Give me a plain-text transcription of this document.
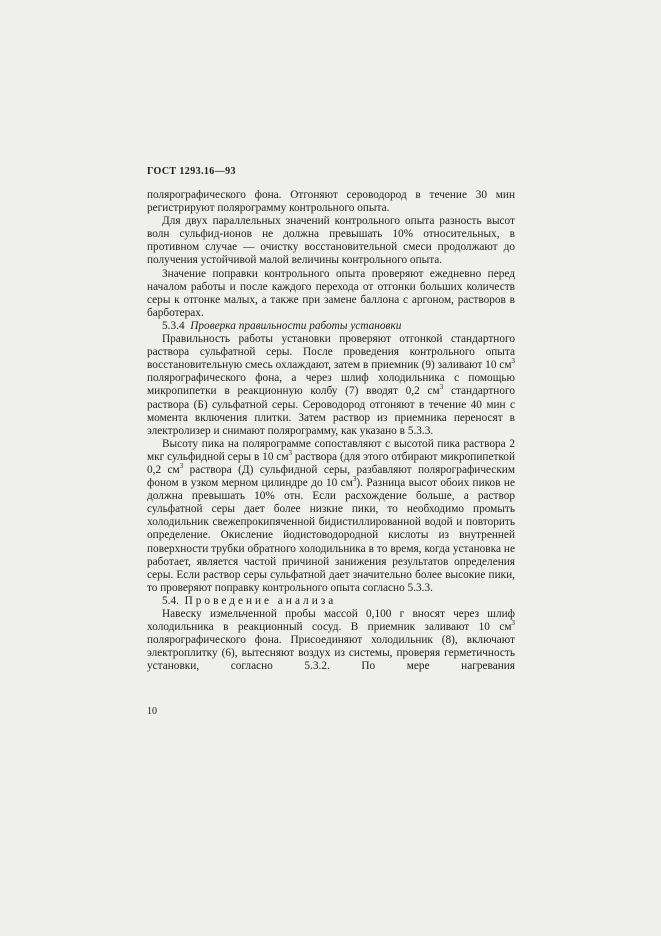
ГОСТ 1293.16—93

полярографического фона. Отгоняют сероводород в течение 30 мин регистрируют полярограмму контрольного опыта.

Для двух параллельных значений контрольного опыта разность высот волн сульфид-ионов не должна превышать 10% относительных, в противном случае — очистку восстановительной смеси продолжают до получения устойчивой малой величины контрольного опыта.

Значение поправки контрольного опыта проверяют ежедневно перед началом работы и после каждого перехода от отгонки больших количеств серы к отгонке малых, а также при замене баллона с аргоном, растворов в барботерах.

5.3.4 Проверка правильности работы установки

Правильность работы установки проверяют отгонкой стандартного раствора сульфатной серы. После проведения контрольного опыта восстановительную смесь охлаждают, затем в приемник (9) заливают 10 $см^3$ полярографического фона, а через шлиф холодильника с помощью микропипетки в реакционную колбу (7) вводят 0,2 $см^3$ стандартного раствора (Б) сульфатной серы. Сероводород отгоняют в течение 40 мин с момента включения плитки. Затем раствор из приемника переносят в электролизер и снимают полярограмму, как указано в 5.3.3.

Высоту пика на полярограмме сопоставляют с высотой пика раствора 2 мкг сульфидной серы в 10 $см^3$ раствора (для этого отбирают микропипеткой 0,2 $см^3$ раствора (Д) сульфидной серы, разбавляют полярографическим фоном в узком мерном цилиндре до 10 $см^3$). Разница высот обоих пиков не должна превышать 10% отн. Если расхождение больше, а раствор сульфатной серы дает более низкие пики, то необходимо промыть холодильник свежепрокипяченной бидистиллированной водой и повторить определение. Окисление йодистоводородной кислоты из внутренней поверхности трубки обратного холодильника в то время, когда установка не работает, является частой причиной занижения результатов определения серы. Если раствор серы сульфатной дает значительно более высокие пики, то проверяют поправку контрольного опыта согласно 5.3.3.

5.4. Проведение анализа

Навеску измельченной пробы массой 0,100 г вносят через шлиф холодильника в реакционный сосуд. В приемник заливают 10 $см^3$ полярографического фона. Присоединяют холодильник (8), включают электроплитку (6), вытесняют воздух из системы, проверяя герметичность установки, согласно 5.3.2. По мере нагревания

10
